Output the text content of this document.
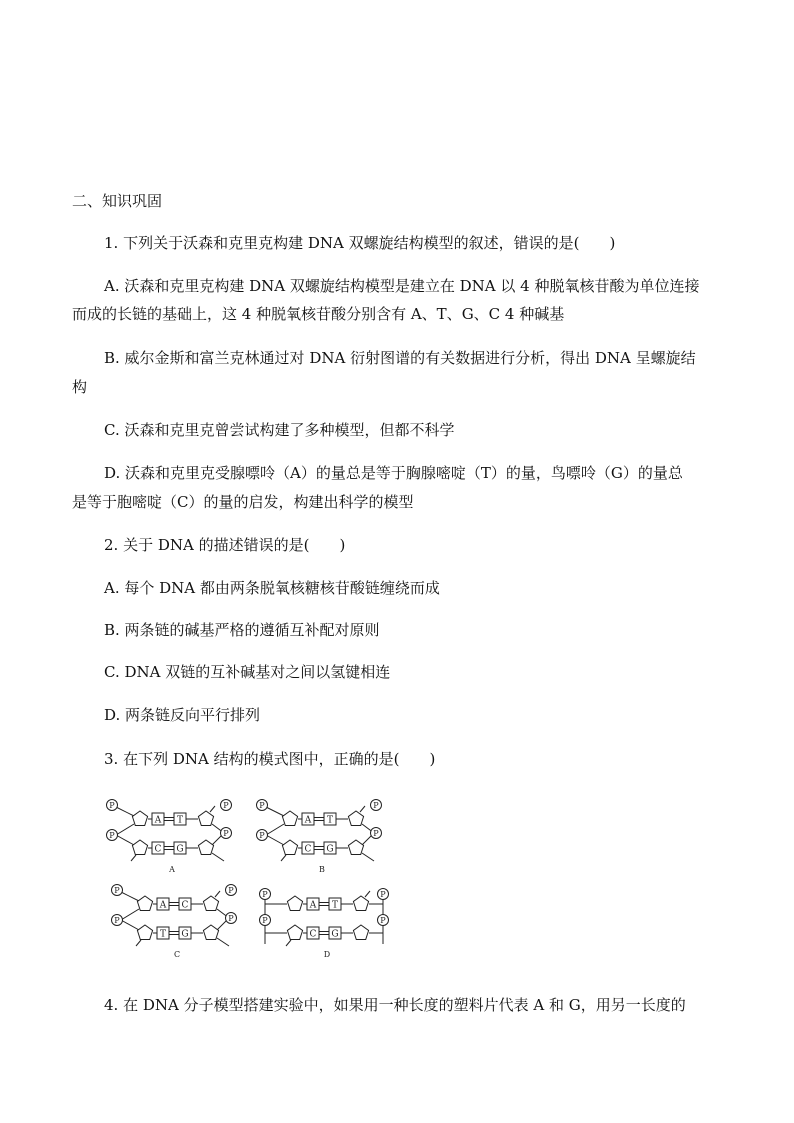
二、知识巩固
1. 下列关于沃森和克里克构建 DNA 双螺旋结构模型的叙述，错误的是(　　)
A. 沃森和克里克构建 DNA 双螺旋结构模型是建立在 DNA 以 4 种脱氧核苷酸为单位连接
而成的长链的基础上，这 4 种脱氧核苷酸分别含有 A、T、G、C 4 种碱基
B. 威尔金斯和富兰克林通过对 DNA 衍射图谱的有关数据进行分析，得出 DNA 呈螺旋结
构
C. 沃森和克里克曾尝试构建了多种模型，但都不科学
D. 沃森和克里克受腺嘌呤（A）的量总是等于胸腺嘧啶（T）的量，鸟嘌呤（G）的量总
是等于胞嘧啶（C）的量的启发，构建出科学的模型
2. 关于 DNA 的描述错误的是(　　)
A. 每个 DNA 都由两条脱氧核糖核苷酸链缠绕而成
B. 两条链的碱基严格的遵循互补配对原则
C. DNA 双链的互补碱基对之间以氢键相连
D. 两条链反向平行排列
3. 在下列 DNA 结构的模式图中，正确的是(　　)
A T
C G
P
P
P
P
A
A T
C G
P
P
P
P
B
A C
T G
P
P
P
P
C
A T
C G
P
P
P
P
D
4. 在 DNA 分子模型搭建实验中，如果用一种长度的塑料片代表 A 和 G，用另一长度的
